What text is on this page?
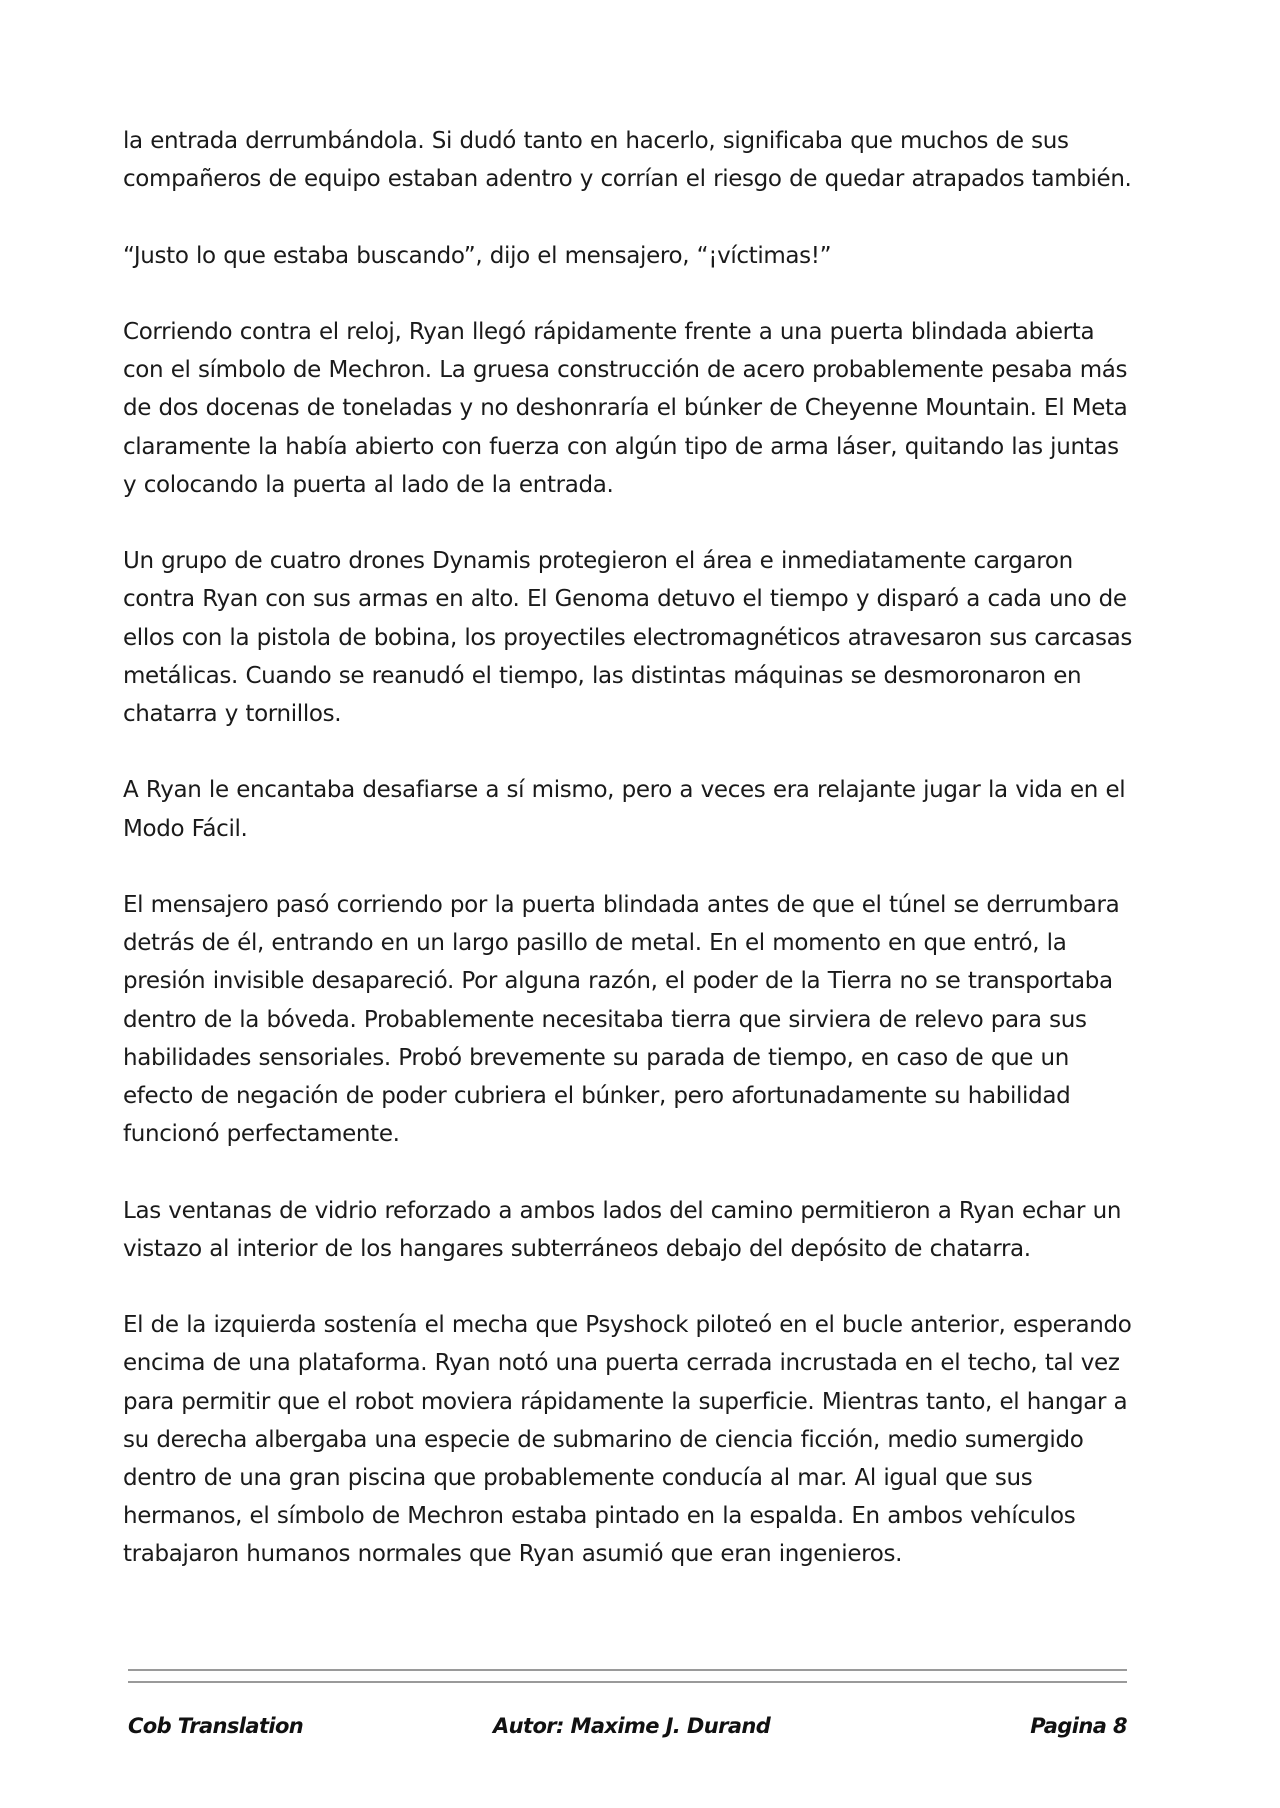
la entrada derrumbándola. Si dudó tanto en hacerlo, significaba que muchos de sus compañeros de equipo estaban adentro y corrían el riesgo de quedar atrapados también.

“Justo lo que estaba buscando”, dijo el mensajero, “¡víctimas!”

Corriendo contra el reloj, Ryan llegó rápidamente frente a una puerta blindada abierta con el símbolo de Mechron. La gruesa construcción de acero probablemente pesaba más de dos docenas de toneladas y no deshonraría el búnker de Cheyenne Mountain. El Meta claramente la había abierto con fuerza con algún tipo de arma láser, quitando las juntas y colocando la puerta al lado de la entrada.

Un grupo de cuatro drones Dynamis protegieron el área e inmediatamente cargaron contra Ryan con sus armas en alto. El Genoma detuvo el tiempo y disparó a cada uno de ellos con la pistola de bobina, los proyectiles electromagnéticos atravesaron sus carcasas metálicas. Cuando se reanudó el tiempo, las distintas máquinas se desmoronaron en chatarra y tornillos.

A Ryan le encantaba desafiarse a sí mismo, pero a veces era relajante jugar la vida en el Modo Fácil.

El mensajero pasó corriendo por la puerta blindada antes de que el túnel se derrumbara detrás de él, entrando en un largo pasillo de metal. En el momento en que entró, la presión invisible desapareció. Por alguna razón, el poder de la Tierra no se transportaba dentro de la bóveda. Probablemente necesitaba tierra que sirviera de relevo para sus habilidades sensoriales. Probó brevemente su parada de tiempo, en caso de que un efecto de negación de poder cubriera el búnker, pero afortunadamente su habilidad funcionó perfectamente.

Las ventanas de vidrio reforzado a ambos lados del camino permitieron a Ryan echar un vistazo al interior de los hangares subterráneos debajo del depósito de chatarra.

El de la izquierda sostenía el mecha que Psyshock piloteó en el bucle anterior, esperando encima de una plataforma. Ryan notó una puerta cerrada incrustada en el techo, tal vez para permitir que el robot moviera rápidamente la superficie. Mientras tanto, el hangar a su derecha albergaba una especie de submarino de ciencia ficción, medio sumergido dentro de una gran piscina que probablemente conducía al mar. Al igual que sus hermanos, el símbolo de Mechron estaba pintado en la espalda. En ambos vehículos trabajaron humanos normales que Ryan asumió que eran ingenieros.

Cob Translation	Autor: Maxime J. Durand	Pagina 8
